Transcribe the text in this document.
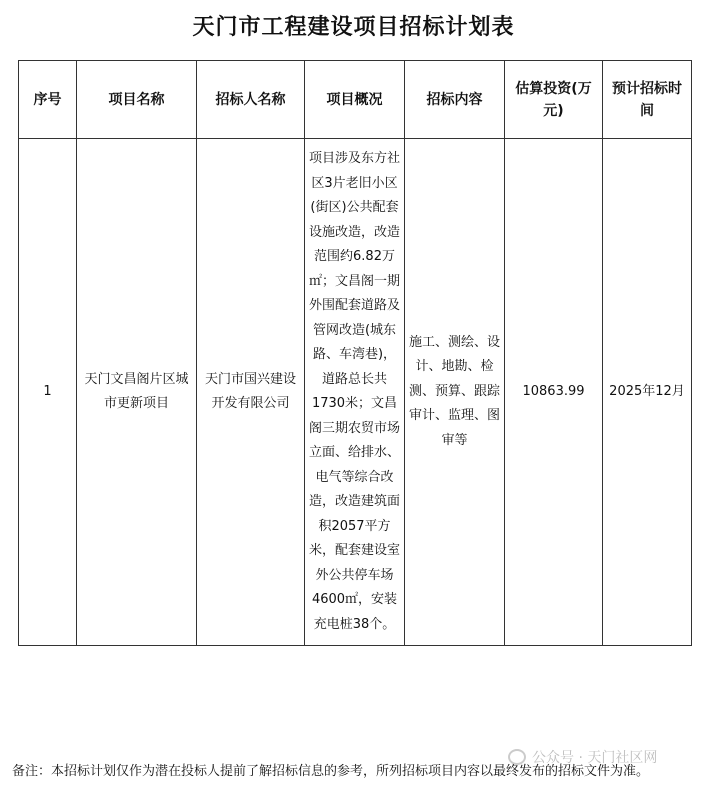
天门市工程建设项目招标计划表
序号	项目名称	招标人名称	项目概况	招标内容	估算投资(万元)	预计招标时间
1	天门文昌阁片区城市更新项目	天门市国兴建设开发有限公司	项目涉及东方社区3片老旧小区(街区)公共配套设施改造，改造范围约6.82万㎡；文昌阁一期外围配套道路及管网改造(城东路、车湾巷)，道路总长共1730米；文昌阁三期农贸市场立面、给排水、电气等综合改造，改造建筑面积2057平方米，配套建设室外公共停车场4600㎡，安装充电桩38个。	施工、测绘、设计、地勘、检测、预算、跟踪审计、监理、图审等	10863.99	2025年12月
公众号 · 天门社区网
备注：本招标计划仅作为潜在投标人提前了解招标信息的参考，所列招标项目内容以最终发布的招标文件为准。
